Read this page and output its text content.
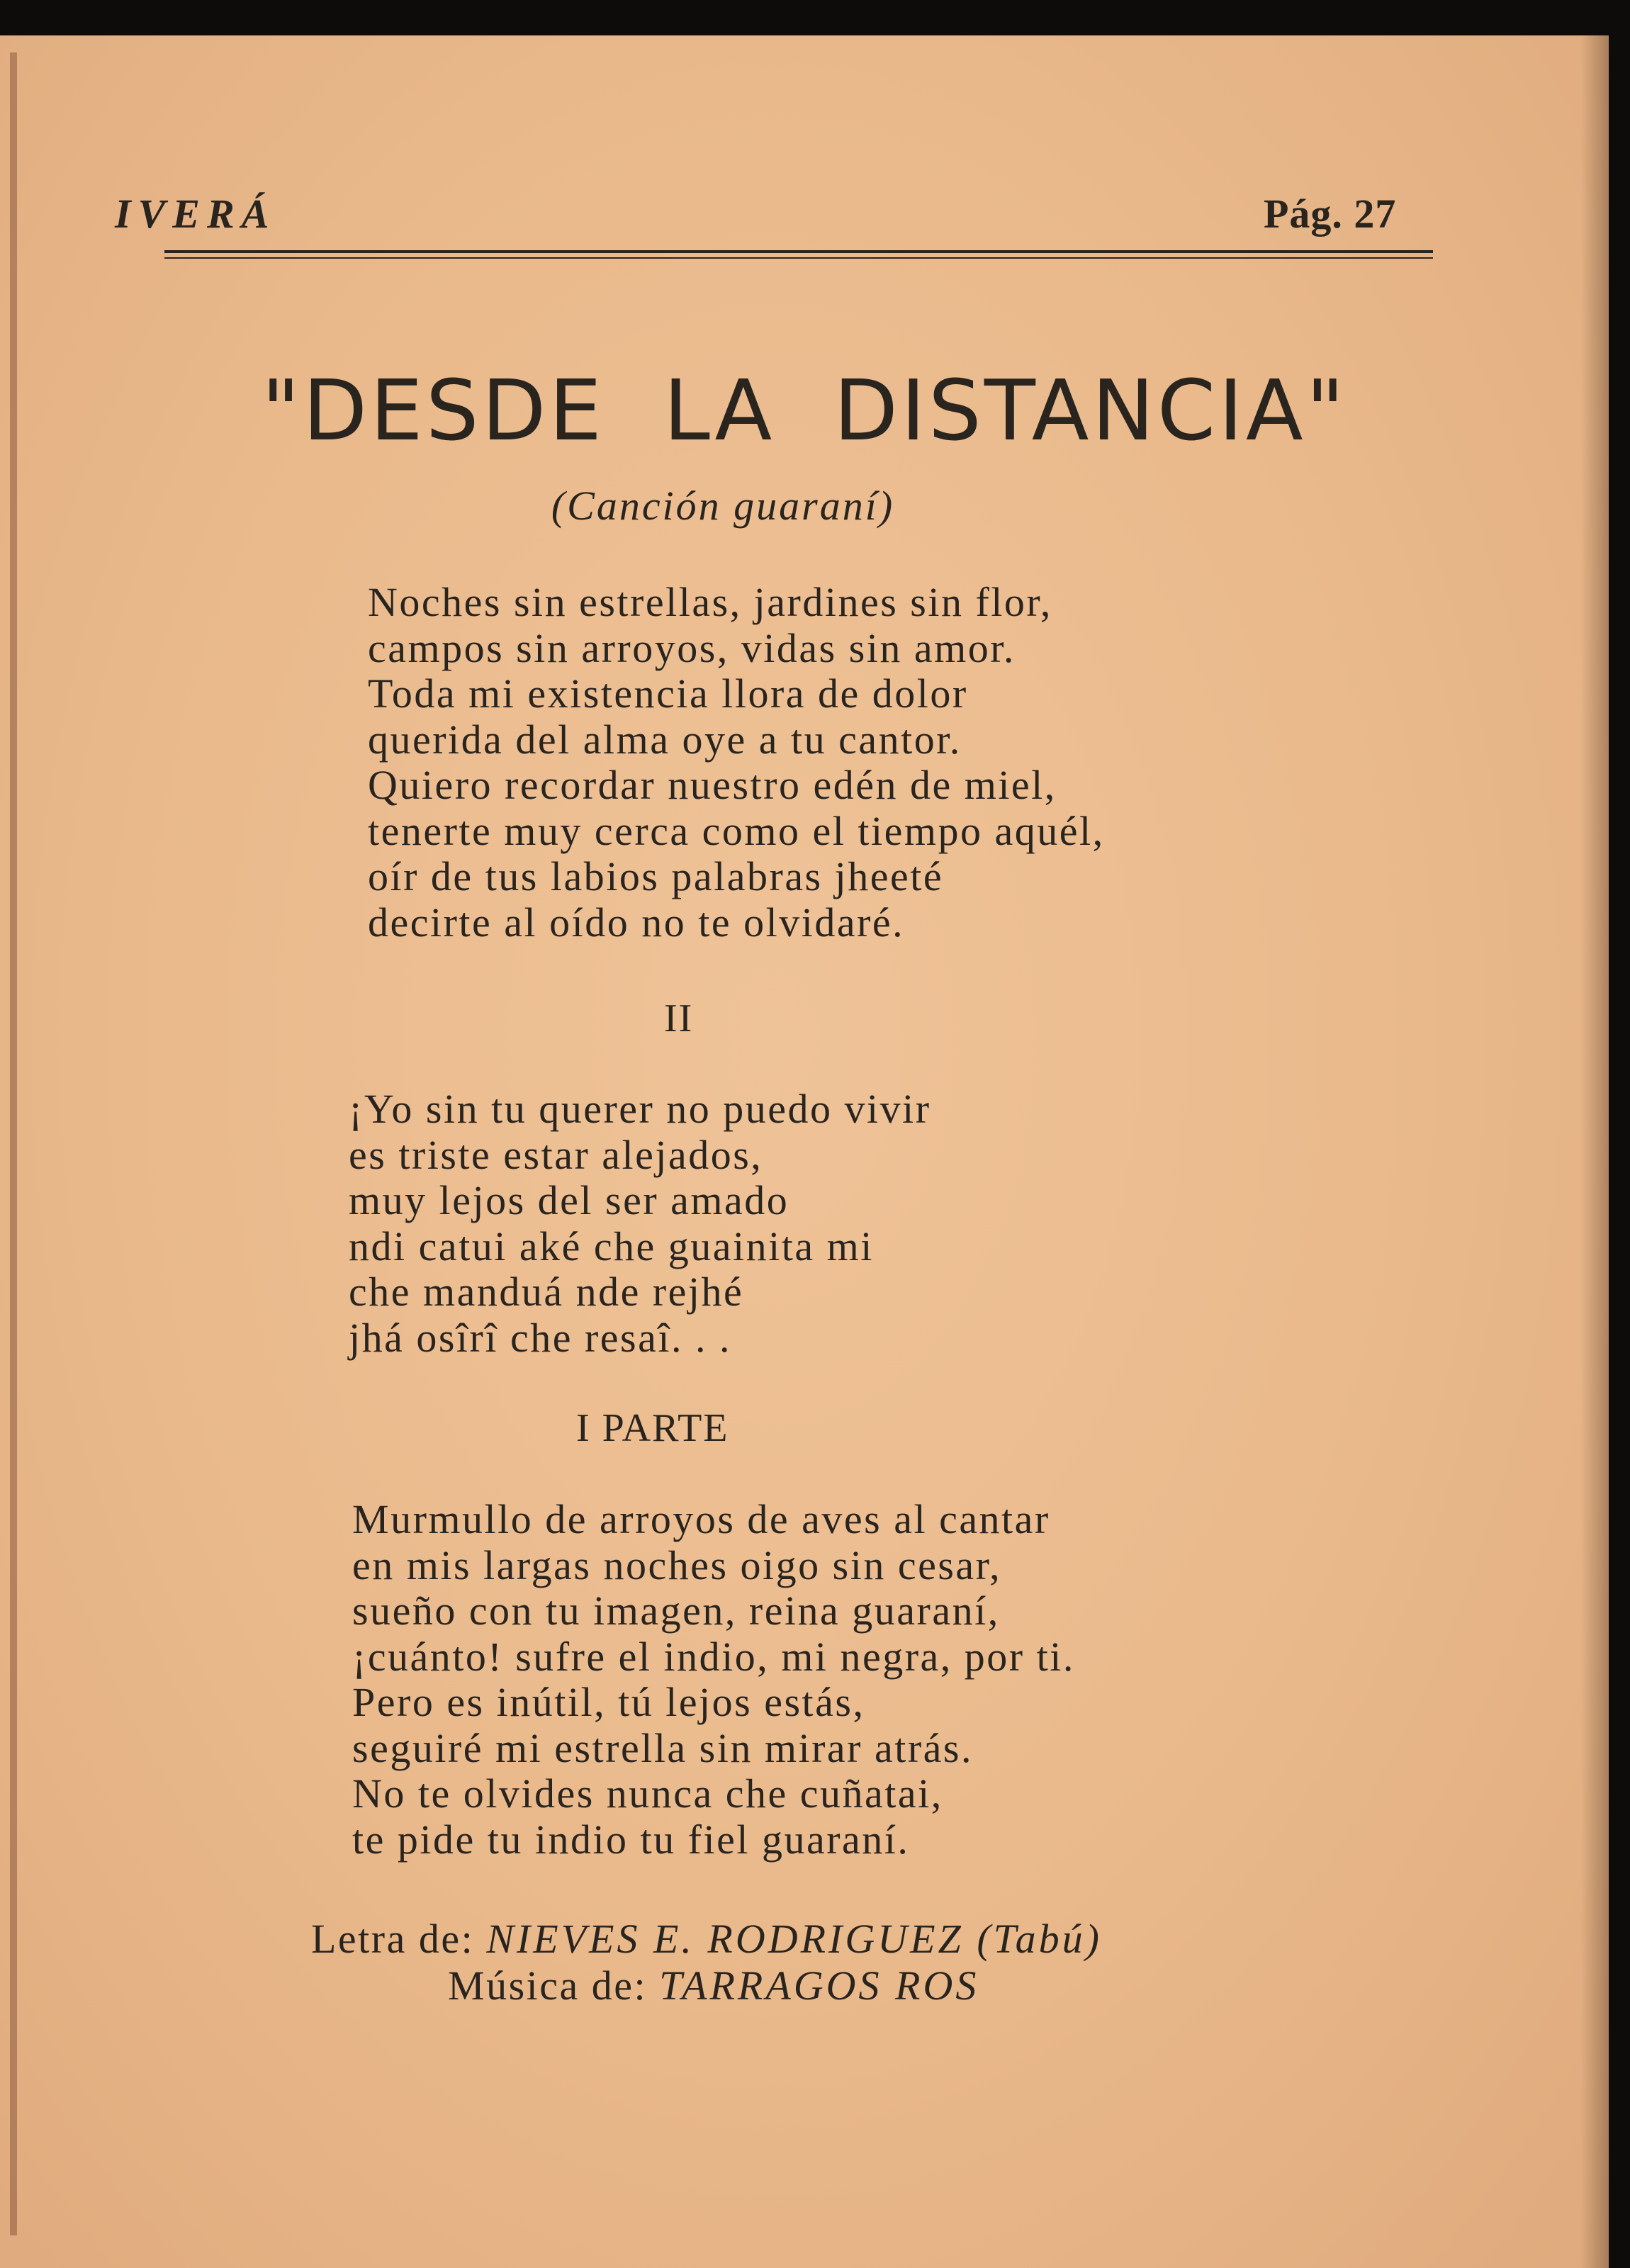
IVERÁ	Pág. 27
"DESDE  LA  DISTANCIA"
(Canción guaraní)
Noches sin estrellas, jardines sin flor,
campos sin arroyos, vidas sin amor.
Toda mi existencia llora de dolor
querida del alma oye a tu cantor.
Quiero recordar nuestro edén de miel,
tenerte muy cerca como el tiempo aquél,
oír de tus labios palabras jheeté
decirte al oído no te olvidaré.
II
¡Yo sin tu querer no puedo vivir
es triste estar alejados,
muy lejos del ser amado
ndi catui aké che guainita mi
che manduá nde rejhé
jhá osîrî che resaî. . .
I PARTE
Murmullo de arroyos de aves al cantar
en mis largas noches oigo sin cesar,
sueño con tu imagen, reina guaraní,
¡cuánto! sufre el indio, mi negra, por ti.
Pero es inútil, tú lejos estás,
seguiré mi estrella sin mirar atrás.
No te olvides nunca che cuñatai,
te pide tu indio tu fiel guaraní.
Letra de: NIEVES E. RODRIGUEZ (Tabú)
Música de: TARRAGOS ROS
